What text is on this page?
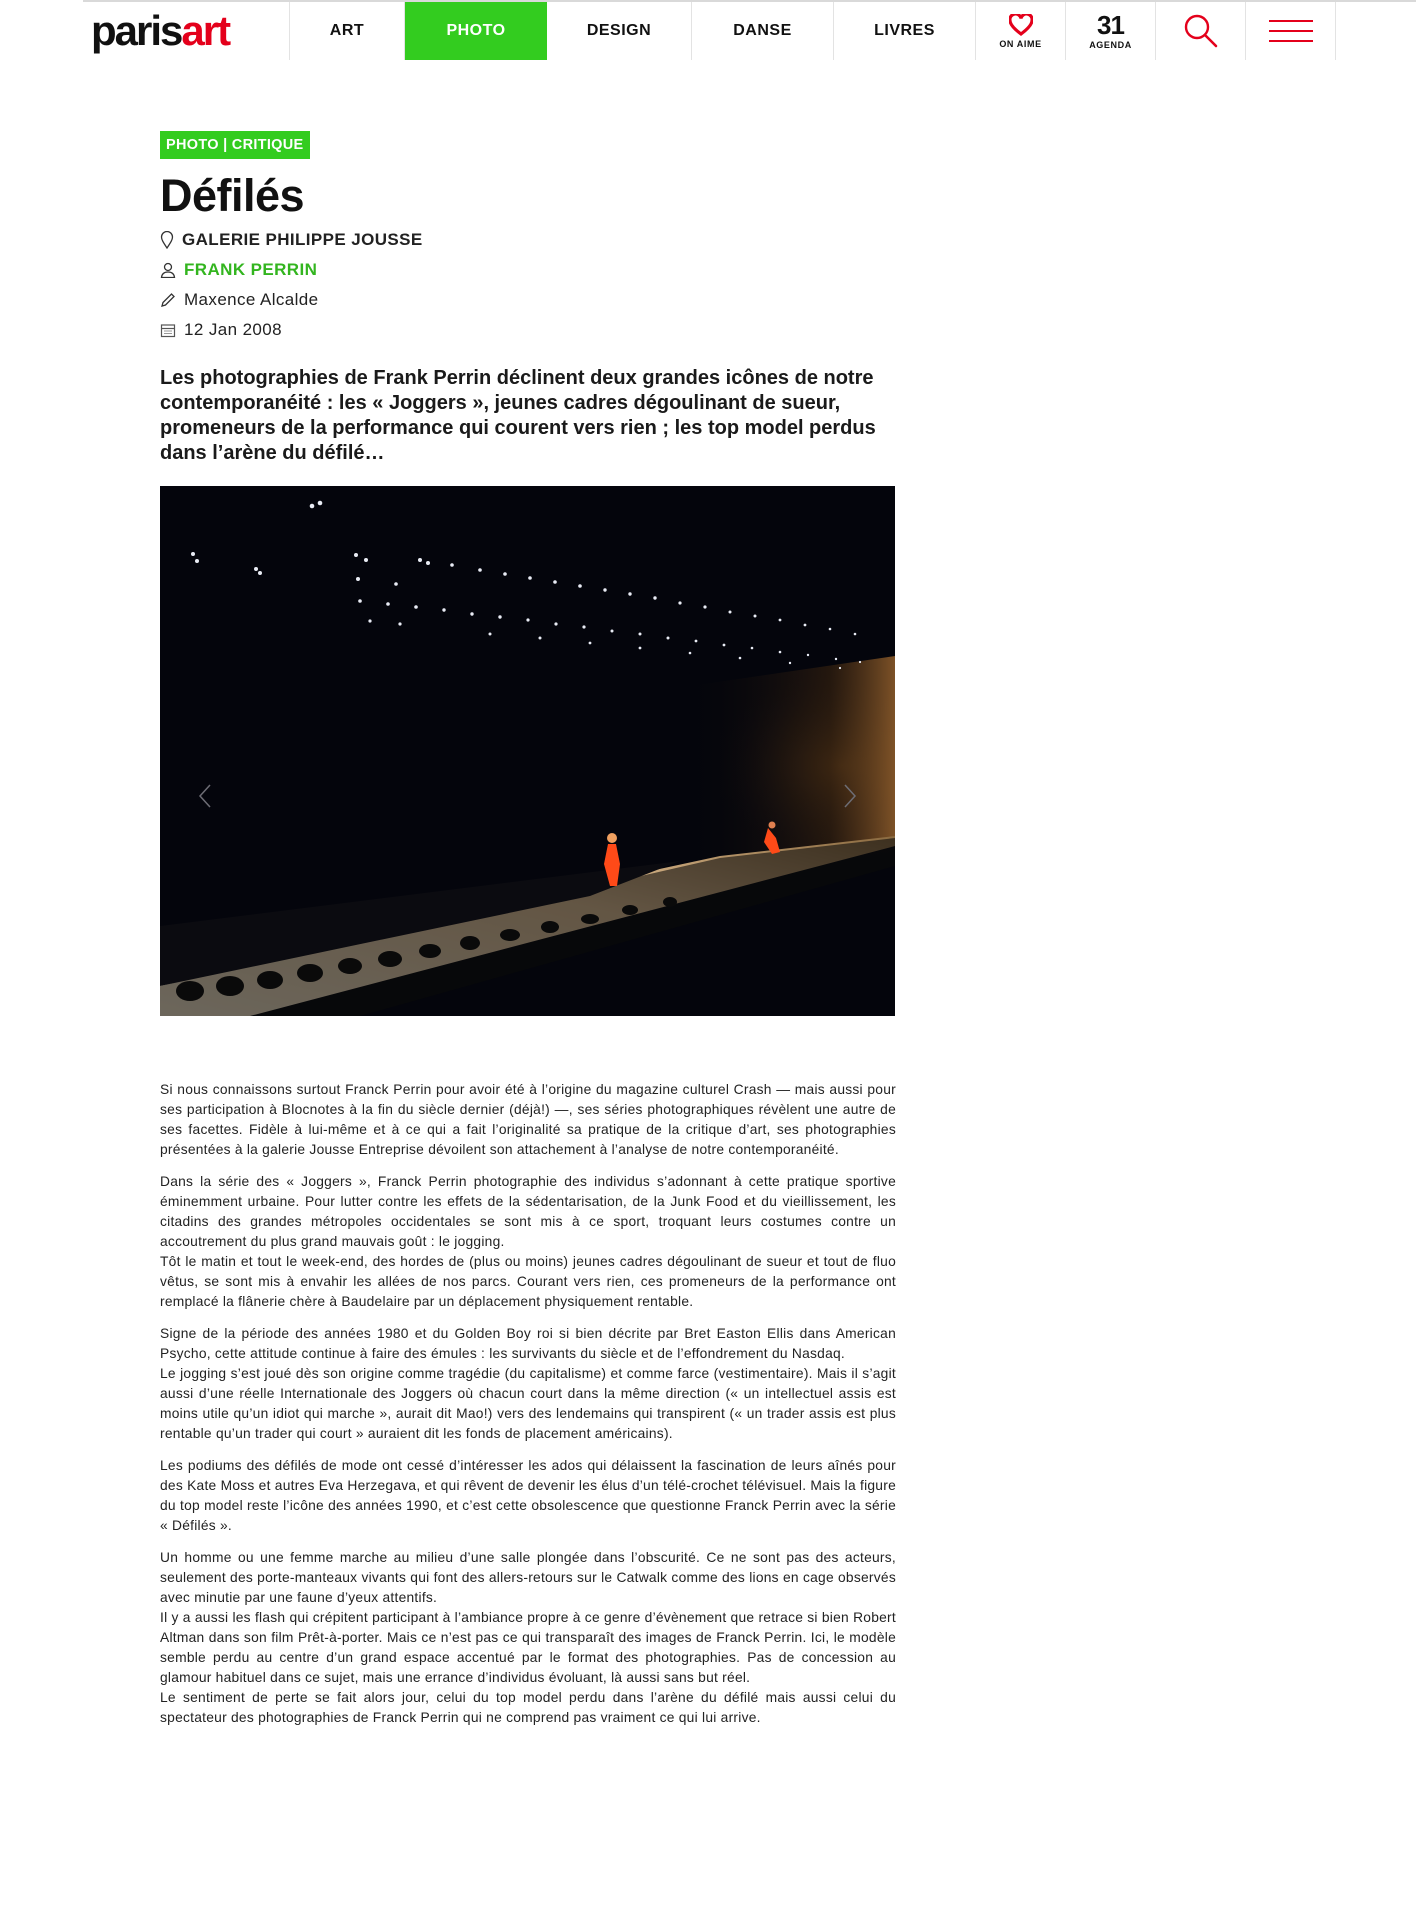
paris art	ART	PHOTO	DESIGN	DANSE	LIVRES
ON AIME
31
AGENDA
PHOTO | CRITIQUE
Défilés
GALERIE PHILIPPE JOUSSE
FRANK PERRIN
Maxence Alcalde
12 Jan 2008

Les photographies de Frank Perrin déclinent deux grandes icônes de notre contemporanéité : les « Joggers », jeunes cadres dégoulinant de sueur, promeneurs de la performance qui courent vers rien ; les top model perdus dans l’arène du défilé…

Si nous connaissons surtout Franck Perrin pour avoir été à l’origine du magazine culturel Crash — mais aussi pour ses participation à Blocnotes à la fin du siècle dernier (déjà!) —, ses séries photographiques révèlent une autre de ses facettes. Fidèle à lui-même et à ce qui a fait l’originalité sa pratique de la critique d’art, ses photographies présentées à la galerie Jousse Entreprise dévoilent son attachement à l’analyse de notre contemporanéité.

Dans la série des « Joggers », Franck Perrin photographie des individus s’adonnant à cette pratique sportive éminemment urbaine. Pour lutter contre les effets de la sédentarisation, de la Junk Food et du vieillissement, les citadins des grandes métropoles occidentales se sont mis à ce sport, troquant leurs costumes contre un accoutrement du plus grand mauvais goût : le jogging.
Tôt le matin et tout le week-end, des hordes de (plus ou moins) jeunes cadres dégoulinant de sueur et tout de fluo vêtus, se sont mis à envahir les allées de nos parcs. Courant vers rien, ces promeneurs de la performance ont remplacé la flânerie chère à Baudelaire par un déplacement physiquement rentable.

Signe de la période des années 1980 et du Golden Boy roi si bien décrite par Bret Easton Ellis dans American Psycho, cette attitude continue à faire des émules : les survivants du siècle et de l’effondrement du Nasdaq.
Le jogging s’est joué dès son origine comme tragédie (du capitalisme) et comme farce (vestimentaire). Mais il s’agit aussi d’une réelle Internationale des Joggers où chacun court dans la même direction (« un intellectuel assis est moins utile qu’un idiot qui marche », aurait dit Mao!) vers des lendemains qui transpirent (« un trader assis est plus rentable qu’un trader qui court » auraient dit les fonds de placement américains).

Les podiums des défilés de mode ont cessé d’intéresser les ados qui délaissent la fascination de leurs aînés pour des Kate Moss et autres Eva Herzegava, et qui rêvent de devenir les élus d’un télé-crochet télévisuel. Mais la figure du top model reste l’icône des années 1990, et c’est cette obsolescence que questionne Franck Perrin avec la série « Défilés ».

Un homme ou une femme marche au milieu d’une salle plongée dans l’obscurité. Ce ne sont pas des acteurs, seulement des porte-manteaux vivants qui font des allers-retours sur le Catwalk comme des lions en cage observés avec minutie par une faune d’yeux attentifs.
Il y a aussi les flash qui crépitent participant à l’ambiance propre à ce genre d’évènement que retrace si bien Robert Altman dans son film Prêt-à-porter. Mais ce n’est pas ce qui transparaît des images de Franck Perrin. Ici, le modèle semble perdu au centre d’un grand espace accentué par le format des photographies. Pas de concession au glamour habituel dans ce sujet, mais une errance d’individus évoluant, là aussi sans but réel.
Le sentiment de perte se fait alors jour, celui du top model perdu dans l’arène du défilé mais aussi celui du spectateur des photographies de Franck Perrin qui ne comprend pas vraiment ce qui lui arrive.
